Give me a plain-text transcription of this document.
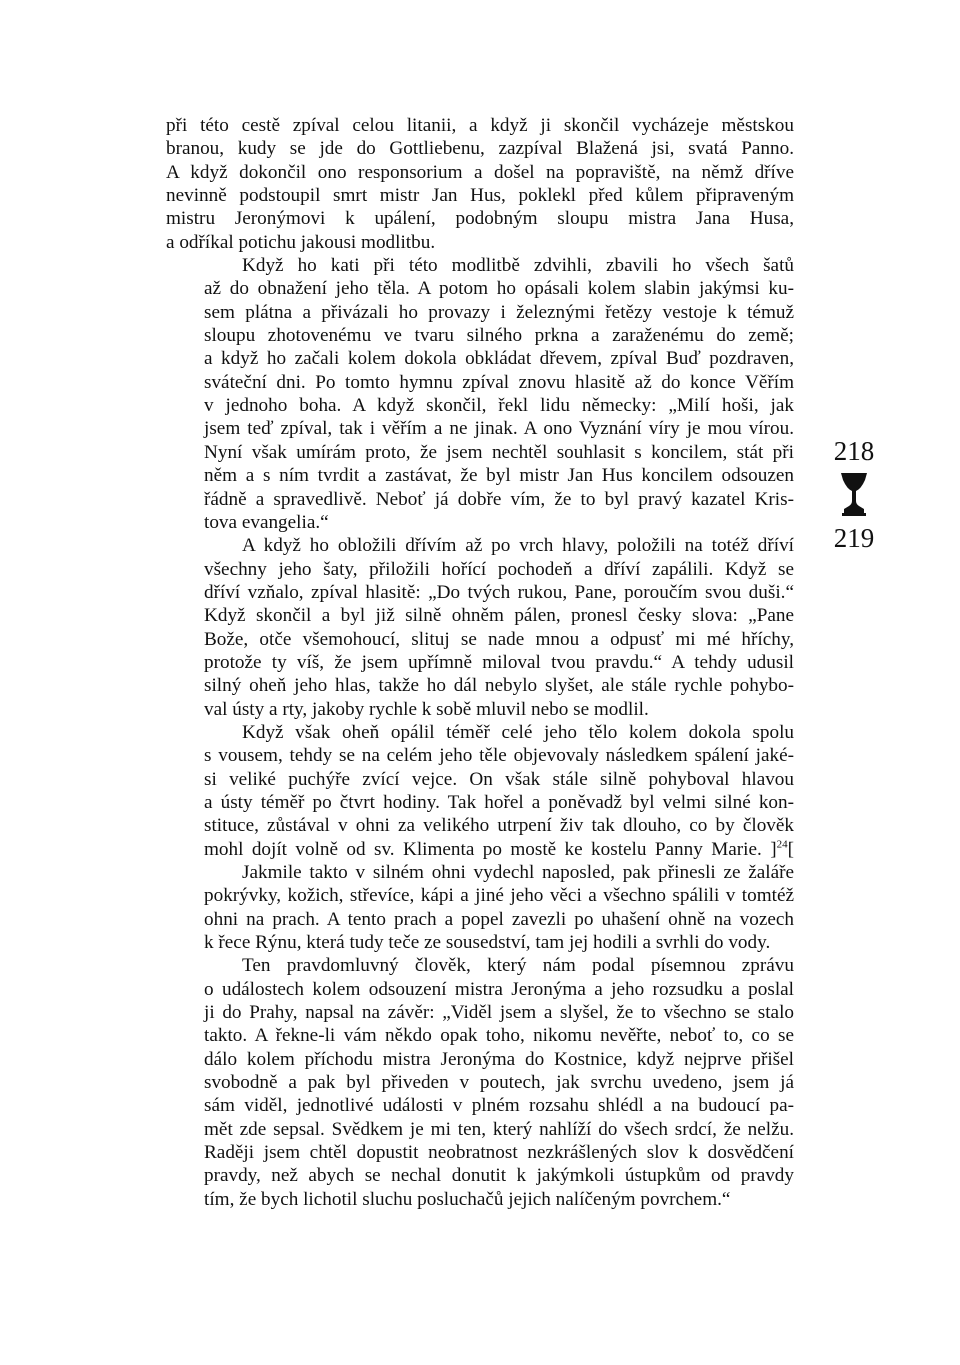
při této cestě zpíval celou litanii, a když ji skončil vycházeje městskou
branou, kudy se jde do Gottliebenu, zazpíval Blažená jsi, svatá Panno.
A když dokončil ono responsorium a došel na popraviště, na němž dříve
nevinně podstoupil smrt mistr Jan Hus, poklekl před kůlem připraveným
mistru Jeronýmovi k upálení, podobným sloupu mistra Jana Husa,
a odříkal potichu jakousi modlitbu.

Když ho kati při této modlitbě zdvihli, zbavili ho všech šatů
až do obnažení jeho těla. A potom ho opásali kolem slabin jakýmsi ku-
sem plátna a přivázali ho provazy i železnými řetězy vestoje k témuž
sloupu zhotovenému ve tvaru silného prkna a zaraženému do země;
a když ho začali kolem dokola obkládat dřevem, zpíval Buď pozdraven,
sváteční dni. Po tomto hymnu zpíval znovu hlasitě až do konce Věřím
v jednoho boha. A když skončil, řekl lidu německy: „Milí hoši, jak
jsem teď zpíval, tak i věřím a ne jinak. A ono Vyznání víry je mou vírou.
Nyní však umírám proto, že jsem nechtěl souhlasit s koncilem, stát při
něm a s ním tvrdit a zastávat, že byl mistr Jan Hus koncilem odsouzen
řádně a spravedlivě. Neboť já dobře vím, že to byl pravý kazatel Kris-
tova evangelia.“

A když ho obložili dřívím až po vrch hlavy, položili na totéž dříví
všechny jeho šaty, přiložili hořící pochodeň a dříví zapálili. Když se
dříví vzňalo, zpíval hlasitě: „Do tvých rukou, Pane, poroučím svou duši.“
Když skončil a byl již silně ohněm pálen, pronesl česky slova: „Pane
Bože, otče všemohoucí, slituj se nade mnou a odpusť mi mé hříchy,
protože ty víš, že jsem upřímně miloval tvou pravdu.“ A tehdy udusil
silný oheň jeho hlas, takže ho dál nebylo slyšet, ale stále rychle pohybo-
val ústy a rty, jakoby rychle k sobě mluvil nebo se modlil.

Když však oheň opálil téměř celé jeho tělo kolem dokola spolu
s vousem, tehdy se na celém jeho těle objevovaly následkem spálení jaké-
si veliké puchýře zvící vejce. On však stále silně pohyboval hlavou
a ústy téměř po čtvrt hodiny. Tak hořel a poněvadž byl velmi silné kon-
stituce, zůstával v ohni za velikého utrpení živ tak dlouho, co by člověk
mohl dojít volně od sv. Klimenta po mostě ke kostelu Panny Marie. ]$^{24}$[

Jakmile takto v silném ohni vydechl naposled, pak přinesli ze žaláře
pokrývky, kožich, střevíce, kápi a jiné jeho věci a všechno spálili v tomtéž
ohni na prach. A tento prach a popel zavezli po uhašení ohně na vozech
k řece Rýnu, která tudy teče ze sousedství, tam jej hodili a svrhli do vody.

Ten pravdomluvný člověk, který nám podal písemnou zprávu
o událostech kolem odsouzení mistra Jeronýma a jeho rozsudku a poslal
ji do Prahy, napsal na závěr: „Viděl jsem a slyšel, že to všechno se stalo
takto. A řekne-li vám někdo opak toho, nikomu nevěřte, neboť to, co se
dálo kolem příchodu mistra Jeronýma do Kostnice, když nejprve přišel
svobodně a pak byl přiveden v poutech, jak svrchu uvedeno, jsem já
sám viděl, jednotlivé události v plném rozsahu shlédl a na budoucí pa-
mět zde sepsal. Svědkem je mi ten, který nahlíží do všech srdcí, že nelžu.
Raději jsem chtěl dopustit neobratnost nezkrášlených slov k dosvědčení
pravdy, než abych se nechal donutit k jakýmkoli ústupkům od pravdy
tím, že bych lichotil sluchu posluchačů jejich nalíčeným povrchem.“

218
219
